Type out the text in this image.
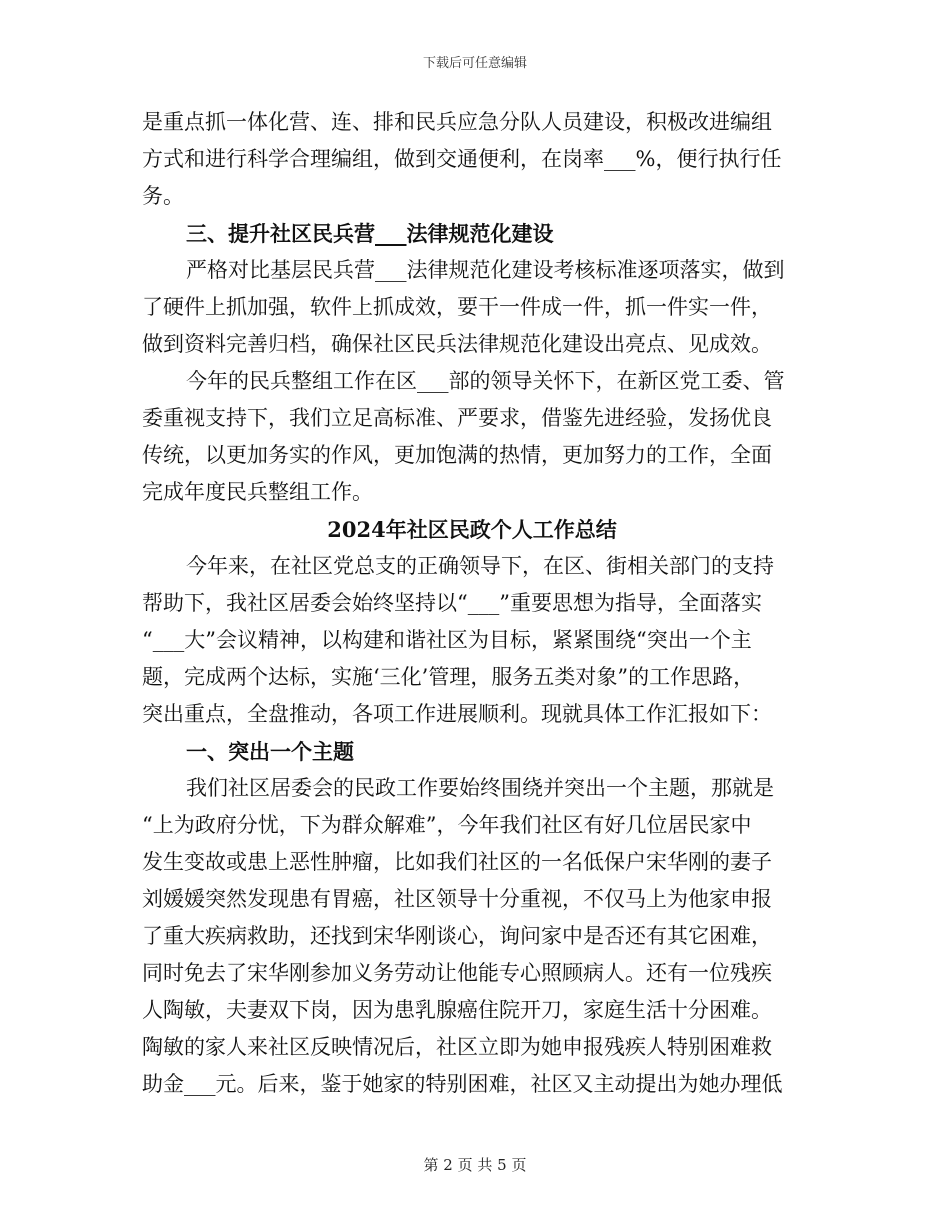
下载后可任意编辑
是重点抓一体化营、连、排和民兵应急分队人员建设，积极改进编组
方式和进行科学合理编组，做到交通便利，在岗率___%，便行执行任
务。
三、提升社区民兵营___法律规范化建设
严格对比基层民兵营___法律规范化建设考核标准逐项落实，做到
了硬件上抓加强，软件上抓成效，要干一件成一件，抓一件实一件，
做到资料完善归档，确保社区民兵法律规范化建设出亮点、见成效。
今年的民兵整组工作在区___部的领导关怀下，在新区党工委、管
委重视支持下，我们立足高标准、严要求，借鉴先进经验，发扬优良
传统，以更加务实的作风，更加饱满的热情，更加努力的工作，全面
完成年度民兵整组工作。
2024年社区民政个人工作总结
今年来，在社区党总支的正确领导下，在区、街相关部门的支持
帮助下，我社区居委会始终坚持以“___”重要思想为指导，全面落实
“___大”会议精神，以构建和谐社区为目标，紧紧围绕“突出一个主
题，完成两个达标，实施‘三化’管理，服务五类对象”的工作思路，
突出重点，全盘推动，各项工作进展顺利。现就具体工作汇报如下：
一、突出一个主题
我们社区居委会的民政工作要始终围绕并突出一个主题，那就是
“上为政府分忧，下为群众解难”，今年我们社区有好几位居民家中
发生变故或患上恶性肿瘤，比如我们社区的一名低保户宋华刚的妻子
刘媛媛突然发现患有胃癌，社区领导十分重视，不仅马上为他家申报
了重大疾病救助，还找到宋华刚谈心，询问家中是否还有其它困难，
同时免去了宋华刚参加义务劳动让他能专心照顾病人。还有一位残疾
人陶敏，夫妻双下岗，因为患乳腺癌住院开刀，家庭生活十分困难。
陶敏的家人来社区反映情况后，社区立即为她申报残疾人特别困难救
助金___元。后来，鉴于她家的特别困难，社区又主动提出为她办理低
第 2 页 共 5 页
